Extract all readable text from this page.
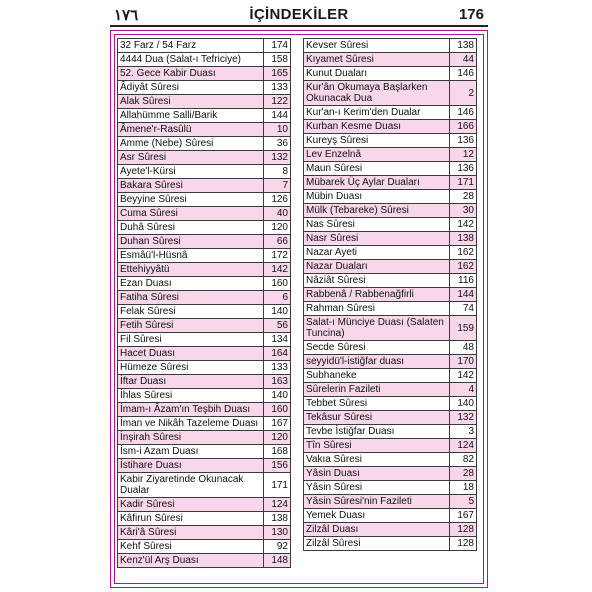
١٧٦	İÇİNDEKİLER	176
32 Farz / 54 Farz	174
4444 Dua (Salat-ı Tefriciye)	158
52. Gece Kabir Duası	165
Âdiyât Sûresi	133
Alak Sûresi	122
Allahümme Salli/Barik	144
Âmene'r-Rasûlü	10
Amme (Nebe) Sûresi	36
Asr Sûresi	132
Ayete'l-Kürsi	8
Bakara Sûresi	7
Beyyine Sûresi	126
Cuma Sûresi	40
Duhâ Sûresi	120
Duhan Sûresi	66
Esmâü'l-Hüsnâ	172
Ettehiyyâtü	142
Ezan Duası	160
Fatiha Sûresi	6
Felak Sûresi	140
Fetih Sûresi	56
Fil Sûresi	134
Hacet Duası	164
Hümeze Sûresi	133
İftar Duası	163
İhlas Sûresi	140
İmam-ı Âzam'ın Teşbih Duası	160
İman ve Nikâh Tazeleme Duası	167
İnşirah Sûresi	120
İsm-i Azam Duası	168
İstihare Duası	156
Kabir Ziyaretinde Okunacak Dualar	171
Kadir Sûresi	124
Kâfirun Sûresi	138
Kâri'â Sûresi	130
Kehf Sûresi	92
Kenz'ül Arş Duası	148
Kevser Sûresi	138
Kıyamet Sûresi	44
Kunut Duaları	146
Kur'ân Okumaya Başlarken Okunacak Dua	2
Kur'an-ı Kerim'den Dualar	146
Kurban Kesme Duası	166
Kureyş Sûresi	136
Lev Enzelnâ	12
Maun Sûresi	136
Mübarek Üç Aylar Duaları	171
Mübin Duası	28
Mülk (Tebareke) Sûresi	30
Nas Sûresi	142
Nasr Sûresi	138
Nazar Ayeti	162
Nazar Duaları	162
Nâziât Sûresi	116
Rabbenâ / Rabbenağfirli	144
Rahman Sûresi	74
Salat-ı Münciye Duası (Salaten Tuncina)	159
Secde Sûresi	48
seyyidü'l-istiğfar duası	170
Subhaneke	142
Sûrelerin Fazileti	4
Tebbet Sûresi	140
Tekâsur Sûresi	132
Tevbe İstiğfar Duası	3
Tîn Sûresi	124
Vakıa Sûresi	82
Yâsin Duası	28
Yâsin Sûresi	18
Yâsin Sûresi'nin Fazileti	5
Yemek Duası	167
Zilzâl Duası	128
Zilzâl Sûresi	128
